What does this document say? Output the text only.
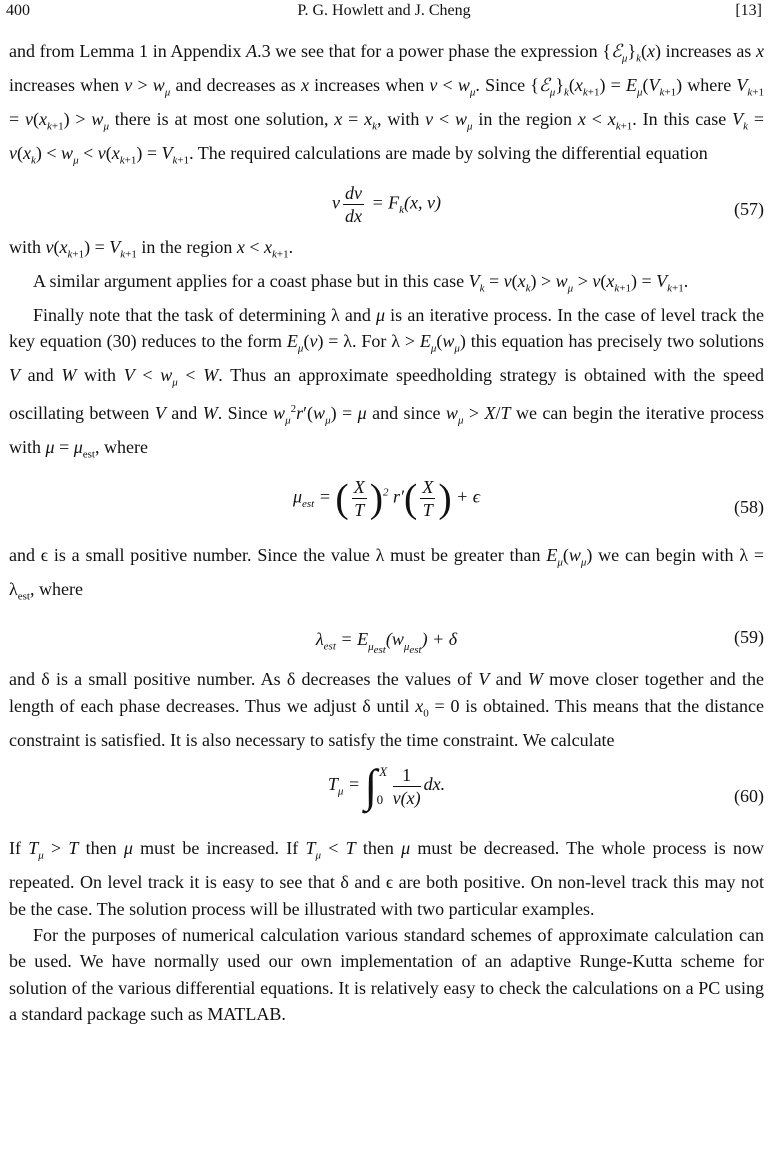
400	P. G. Howlett and J. Cheng	[13]

and from Lemma 1 in Appendix A.3 we see that for a power phase the expression $\{ℰ_\mu\}_k(x)$ increases as x increases when $v > w_\mu$ and decreases as x increases when $v < w_\mu$. Since $\{ℰ_\mu\}_k(x_{k+1}) = E_\mu(V_{k+1})$ where $V_{k+1} = v(x_{k+1}) > w_\mu$ there is at most one solution, $x = x_k$, with $v < w_\mu$ in the region $x < x_{k+1}$. In this case $V_k = v(x_k) < w_\mu < v(x_{k+1}) = V_{k+1}$. The required calculations are made by solving the differential equation

v $\frac{dv}{dx} = F_k(x$, v)	(57)

with $v(x_{k+1}) = V_{k+1}$ in the region $x < x_{k+1}$.

A similar argument applies for a coast phase but in this case $V_k = v(x_k) > w_\mu > v(x_{k+1}) = V_{k+1}$.

Finally note that the task of determining λ and μ is an iterative process. In the case of level track the key equation (30) reduces to the form $E_\mu(v) = \lambda$. For $\lambda > E_\mu(w_\mu)$ this equation has precisely two solutions V and W with $V < w_\mu < W$. Thus an approximate speedholding strategy is obtained with the speed oscillating between V and W. Since $w_\mu^2r'(w_\mu) = \mu$ and since $w_\mu > X/T$ we can begin the iterative process with $\mu = \mu_{est}$, where

$\mu_{est}$ = ( $\frac{X}{T} )^2$ $r'( \frac{X}{T}$ ) + ϵ
(58)

and ϵ is a small positive number. Since the value λ must be greater than $E_\mu(w_\mu)$ we can begin with $\lambda = \lambda_{est}$, where

$\lambda_{est} = E_{\mu_{est}}(w_{\mu_{est}}) + \delta$	(59)

and δ is a small positive number. As δ decreases the values of V and W move closer together and the length of each phase decreases. Thus we adjust δ until $x_0 = 0$ is obtained. This means that the distance constraint is satisfied. It is also necessary to satisfy the time constraint. We calculate

$T_\mu$ = ∫ X
0
$\frac{1}{v(x)}$ dx.
(60)

If $T_\mu > T$ then μ must be increased. If $T_\mu < T$ then μ must be decreased. The whole process is now repeated. On level track it is easy to see that δ and ϵ are both positive. On non-level track this may not be the case. The solution process will be illustrated with two particular examples.

For the purposes of numerical calculation various standard schemes of approximate calculation can be used. We have normally used our own implementation of an adaptive Runge-Kutta scheme for solution of the various differential equations. It is relatively easy to check the calculations on a PC using a standard package such as MATLAB.
